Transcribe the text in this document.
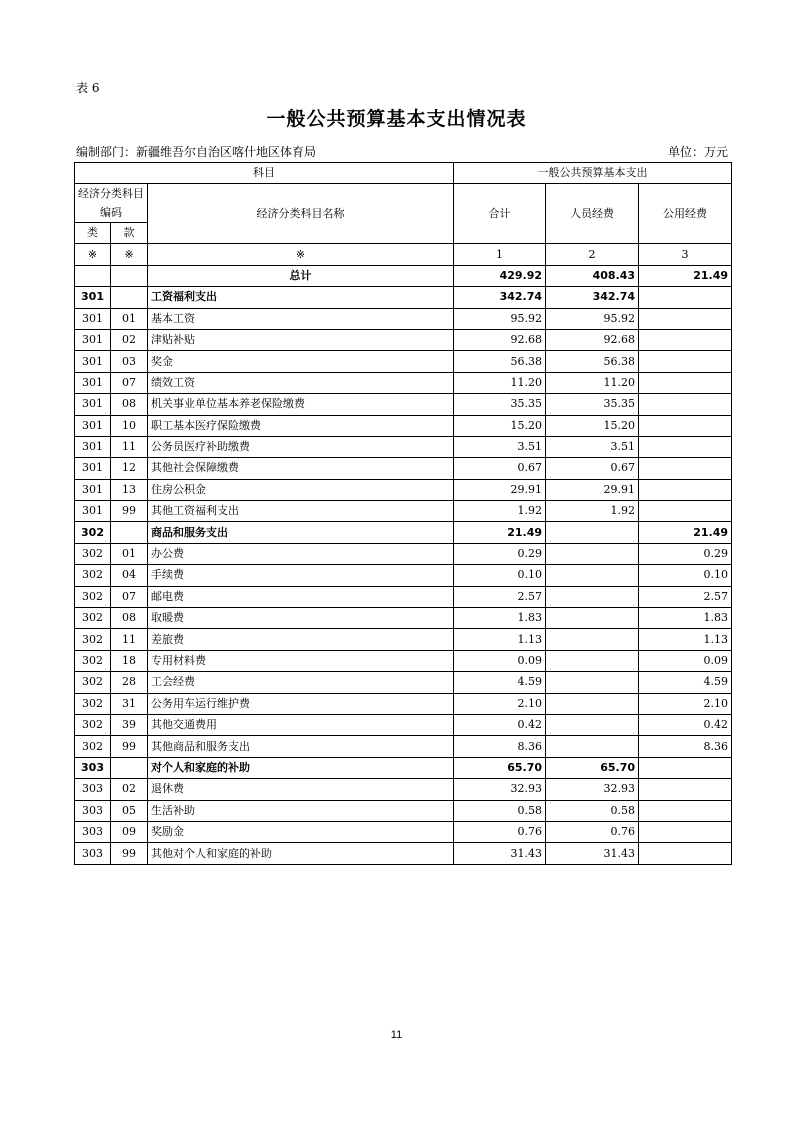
表 6
一般公共预算基本支出情况表
编制部门：新疆维吾尔自治区喀什地区体育局	单位：万元
科目			一般公共预算基本支出		
经济分类科目编码		经济分类科目名称	合计	人员经费	公用经费
类	款				
※	※	※	1	2	3
		总计	429.92	408.43	21.49
301		工资福利支出	342.74	342.74	
301	01	基本工资	95.92	95.92	
301	02	津贴补贴	92.68	92.68	
301	03	奖金	56.38	56.38	
301	07	绩效工资	11.20	11.20	
301	08	机关事业单位基本养老保险缴费	35.35	35.35	
301	10	职工基本医疗保险缴费	15.20	15.20	
301	11	公务员医疗补助缴费	3.51	3.51	
301	12	其他社会保障缴费	0.67	0.67	
301	13	住房公积金	29.91	29.91	
301	99	其他工资福利支出	1.92	1.92	
302		商品和服务支出	21.49		21.49
302	01	办公费	0.29		0.29
302	04	手续费	0.10		0.10
302	07	邮电费	2.57		2.57
302	08	取暖费	1.83		1.83
302	11	差旅费	1.13		1.13
302	18	专用材料费	0.09		0.09
302	28	工会经费	4.59		4.59
302	31	公务用车运行维护费	2.10		2.10
302	39	其他交通费用	0.42		0.42
302	99	其他商品和服务支出	8.36		8.36
303		对个人和家庭的补助	65.70	65.70	
303	02	退休费	32.93	32.93	
303	05	生活补助	0.58	0.58	
303	09	奖励金	0.76	0.76	
303	99	其他对个人和家庭的补助	31.43	31.43	
11
